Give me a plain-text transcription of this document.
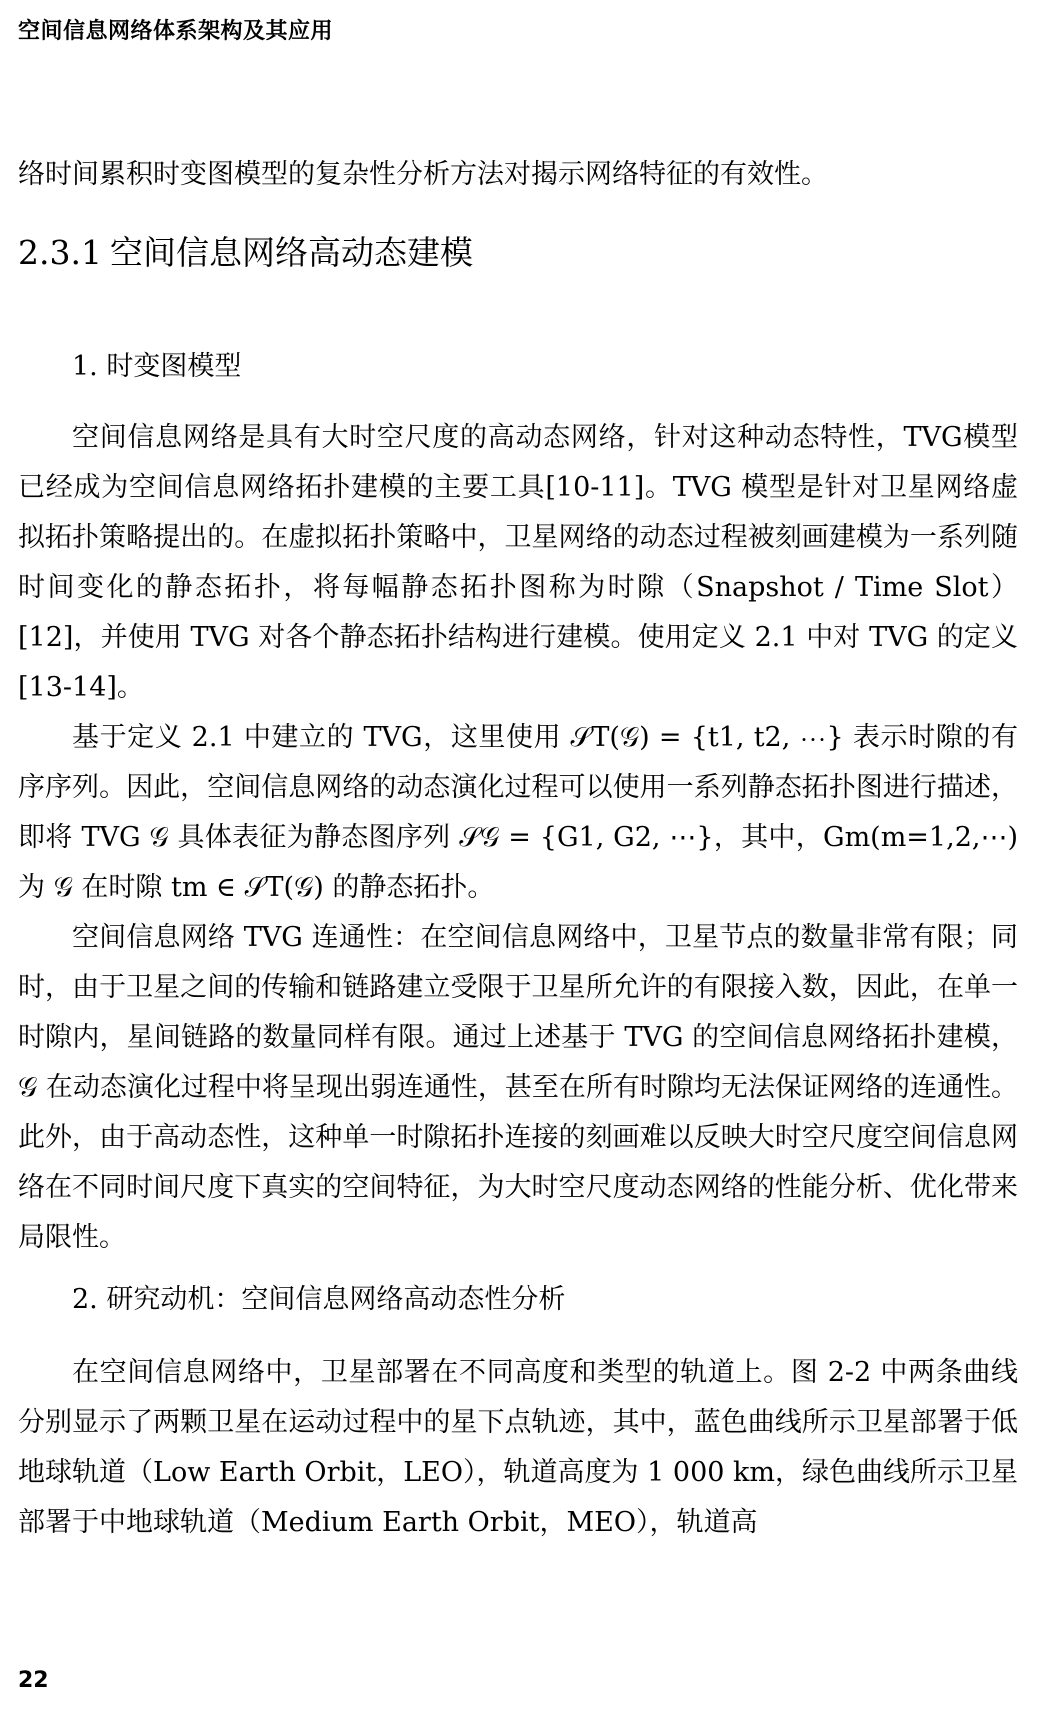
空间信息网络体系架构及其应用

络时间累积时变图模型的复杂性分析方法对揭示网络特征的有效性。

2.3.1 空间信息网络高动态建模
1. 时变图模型

空间信息网络是具有大时空尺度的高动态网络，针对这种动态特性，TVG模型已经成为空间信息网络拓扑建模的主要工具[10-11]。TVG 模型是针对卫星网络虚拟拓扑策略提出的。在虚拟拓扑策略中，卫星网络的动态过程被刻画建模为一系列随时间变化的静态拓扑，将每幅静态拓扑图称为时隙（Snapshot / Time Slot）[12]，并使用 TVG 对各个静态拓扑结构进行建模。使用定义 2.1 中对 TVG 的定义[13-14]。

基于定义 2.1 中建立的 TVG，这里使用 𝒮T(𝒢) = {t1, t2, ⋯} 表示时隙的有序序列。因此，空间信息网络的动态演化过程可以使用一系列静态拓扑图进行描述，即将 TVG 𝒢 具体表征为静态图序列 𝒮𝒢 = {G1, G2, ⋯}，其中，Gm(m=1,2,⋯)为 𝒢 在时隙 tm ∈ 𝒮T(𝒢) 的静态拓扑。

空间信息网络 TVG 连通性：在空间信息网络中，卫星节点的数量非常有限；同时，由于卫星之间的传输和链路建立受限于卫星所允许的有限接入数，因此，在单一时隙内，星间链路的数量同样有限。通过上述基于 TVG 的空间信息网络拓扑建模，𝒢 在动态演化过程中将呈现出弱连通性，甚至在所有时隙均无法保证网络的连通性。此外，由于高动态性，这种单一时隙拓扑连接的刻画难以反映大时空尺度空间信息网络在不同时间尺度下真实的空间特征，为大时空尺度动态网络的性能分析、优化带来局限性。

2. 研究动机：空间信息网络高动态性分析

在空间信息网络中，卫星部署在不同高度和类型的轨道上。图 2-2 中两条曲线分别显示了两颗卫星在运动过程中的星下点轨迹，其中，蓝色曲线所示卫星部署于低地球轨道（Low Earth Orbit，LEO），轨道高度为 1 000 km，绿色曲线所示卫星部署于中地球轨道（Medium Earth Orbit，MEO），轨道高

22
